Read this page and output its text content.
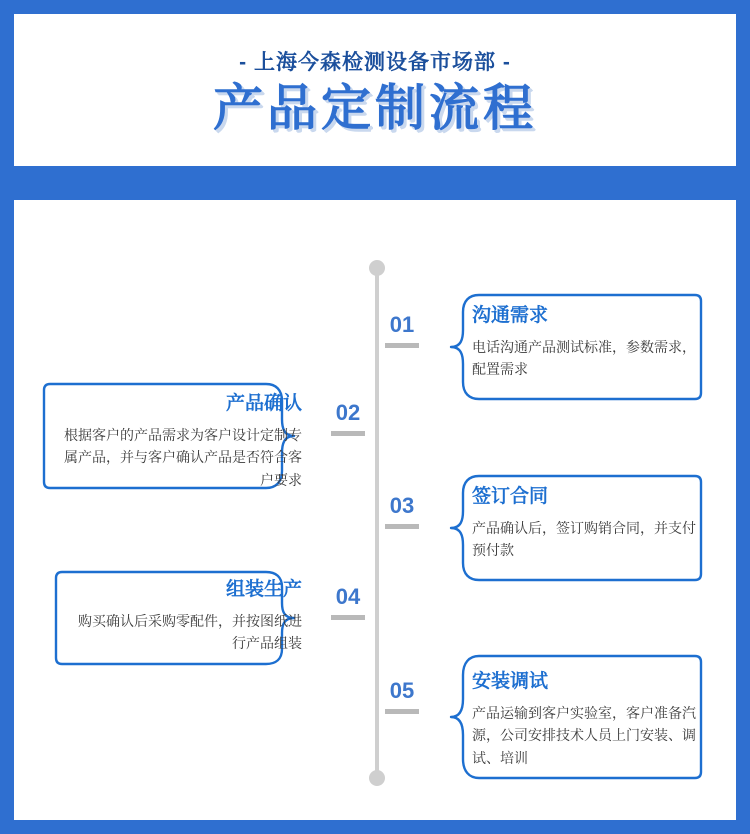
- 上海今森检测设备市场部 -
产品定制流程
01	沟通需求
电话沟通产品测试标准，参数需求，配置需求
02
产品确认
根据客户的产品需求为客户设计定制专属产品，并与客户确认产品是否符合客户要求
03	签订合同
产品确认后，签订购销合同，并支付预付款
04
组装生产
购买确认后采购零配件，并按图纸进行产品组装
05	安装调试
产品运输到客户实验室，客户准备汽源，公司安排技术人员上门安装、调试、培训
